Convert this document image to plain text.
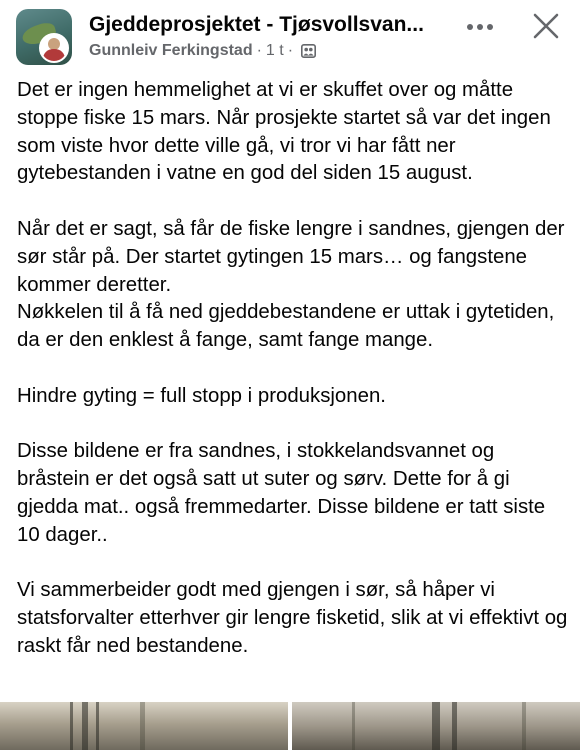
Gjeddeprosjektet - Tjøsvollsvan...
Gunnleiv Ferkingstad · 1 t ·

Det er ingen hemmelighet at vi er skuffet over og måtte stoppe fiske 15 mars. Når prosjekte startet så var det ingen som viste hvor dette ville gå, vi tror vi har fått ner gytebestanden i vatne en god del siden 15 august.

Når det er sagt, så får de fiske lengre i sandnes, gjengen der sør står på. Der startet gytingen 15 mars… og fangstene kommer deretter.
Nøkkelen til å få ned gjeddebestandene er uttak i gytetiden, da er den enklest å fange, samt fange mange.

Hindre gyting = full stopp i produksjonen.

Disse bildene er fra sandnes, i stokkelandsvannet og bråstein er det også satt ut suter og sørv. Dette for å gi gjedda mat.. også fremmedarter. Disse bildene er tatt siste 10 dager..

Vi sammerbeider godt med gjengen i sør, så håper vi statsforvalter etterhver gir lengre fisketid, slik at vi effektivt og raskt får ned bestandene.
